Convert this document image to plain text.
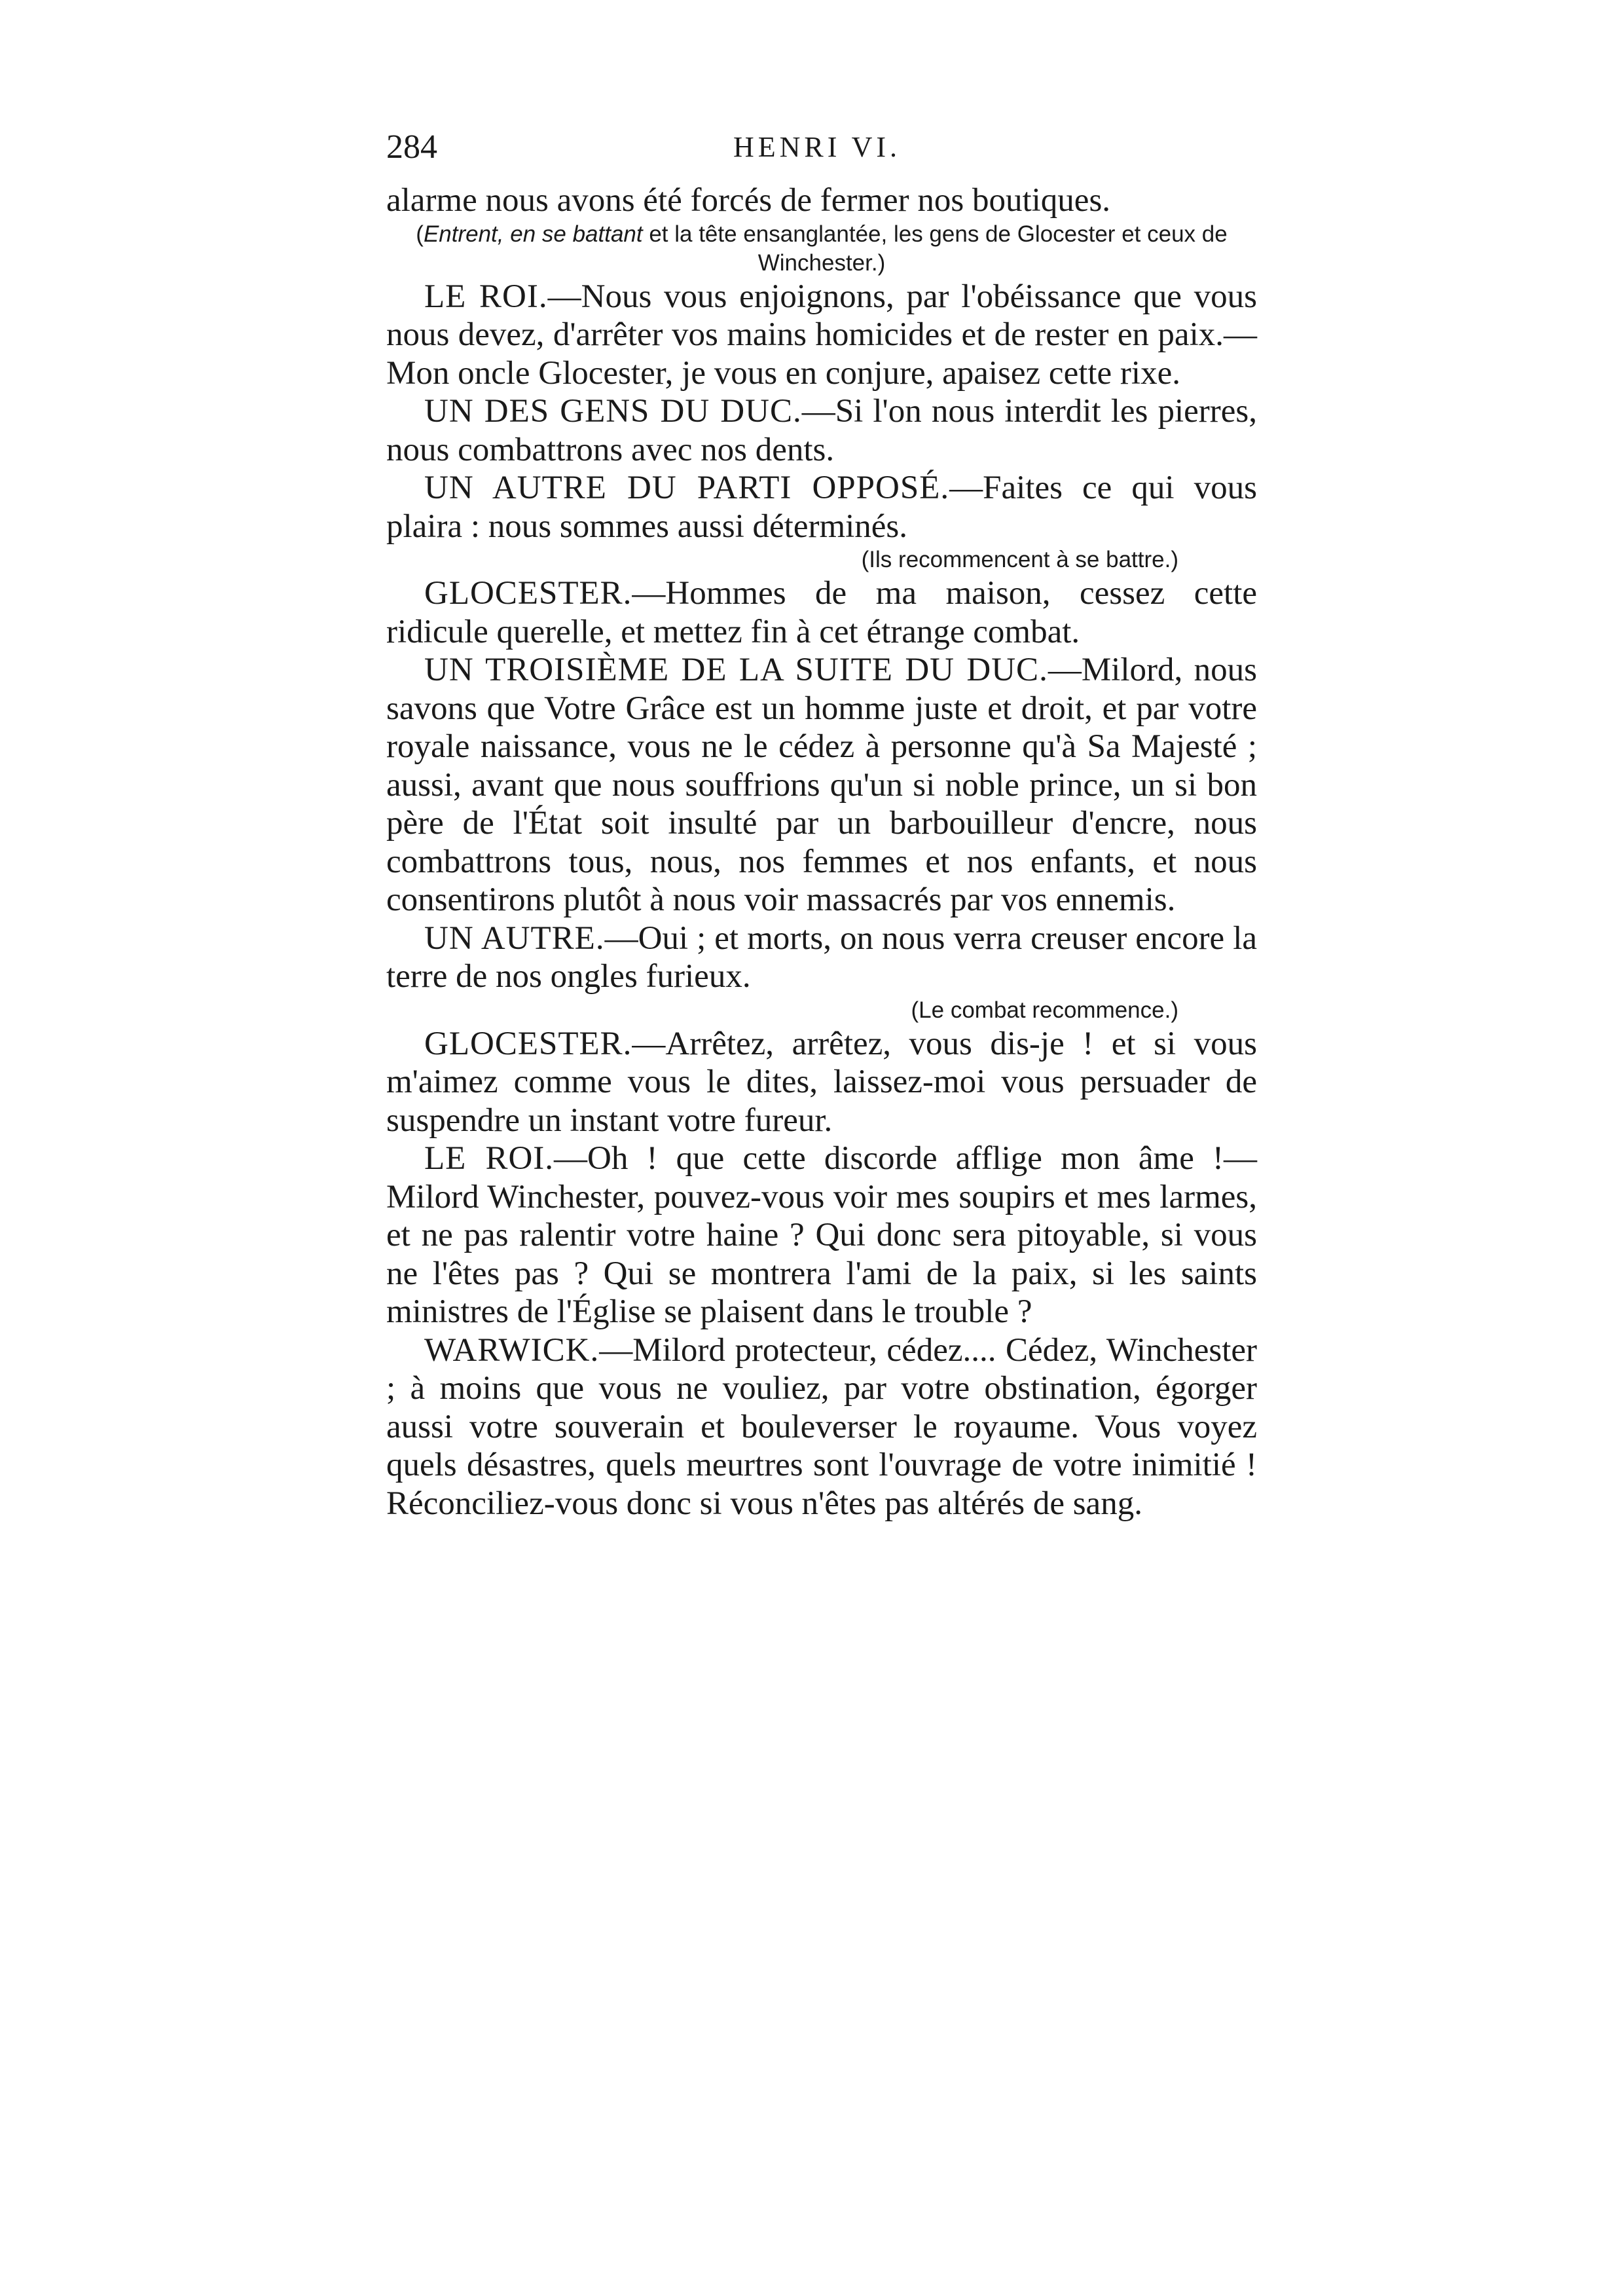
284	HENRI VI.

alarme nous avons été forcés de fermer nos boutiques.

(Entrent, en se battant et la tête ensanglantée, les gens de Glocester et ceux de Winchester.)

LE ROI.—Nous vous enjoignons, par l'obéissance que vous nous devez, d'arrêter vos mains homicides et de rester en paix.—Mon oncle Glocester, je vous en conjure, apaisez cette rixe.

UN DES GENS DU DUC.—Si l'on nous interdit les pierres, nous combattrons avec nos dents.

UN AUTRE DU PARTI OPPOSÉ.—Faites ce qui vous plaira : nous sommes aussi déterminés.

(Ils recommencent à se battre.)

GLOCESTER.—Hommes de ma maison, cessez cette ridicule querelle, et mettez fin à cet étrange combat.

UN TROISIÈME DE LA SUITE DU DUC.—Milord, nous savons que Votre Grâce est un homme juste et droit, et par votre royale naissance, vous ne le cédez à personne qu'à Sa Majesté ; aussi, avant que nous souffrions qu'un si noble prince, un si bon père de l'État soit insulté par un barbouilleur d'encre, nous combattrons tous, nous, nos femmes et nos enfants, et nous consentirons plutôt à nous voir massacrés par vos ennemis.

UN AUTRE.—Oui ; et morts, on nous verra creuser encore la terre de nos ongles furieux.

(Le combat recommence.)

GLOCESTER.—Arrêtez, arrêtez, vous dis-je ! et si vous m'aimez comme vous le dites, laissez-moi vous persuader de suspendre un instant votre fureur.

LE ROI.—Oh ! que cette discorde afflige mon âme !—Milord Winchester, pouvez-vous voir mes soupirs et mes larmes, et ne pas ralentir votre haine ? Qui donc sera pitoyable, si vous ne l'êtes pas ? Qui se montrera l'ami de la paix, si les saints ministres de l'Église se plaisent dans le trouble ?

WARWICK.—Milord protecteur, cédez.... Cédez, Winchester ; à moins que vous ne vouliez, par votre obstination, égorger aussi votre souverain et bouleverser le royaume. Vous voyez quels désastres, quels meurtres sont l'ouvrage de votre inimitié ! Réconciliez-vous donc si vous n'êtes pas altérés de sang.
